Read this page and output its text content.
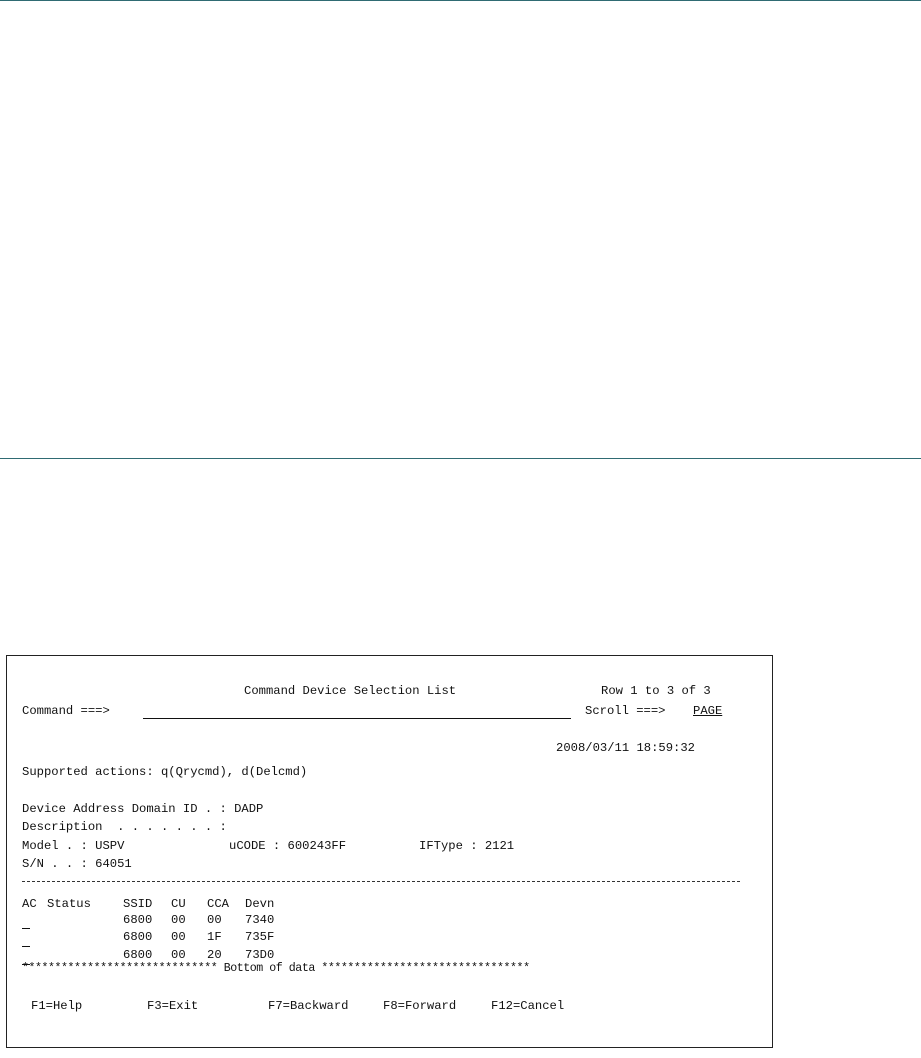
Command Device Selection List	Row 1 to 3 of 3
Command ===>	Scroll ===> PAGE
2008/03/11 18:59:32
Supported actions: q(Qrycmd), d(Delcmd)
Device Address Domain ID . : DADP
Description  . . . . . . . :
Model . : USPV	uCODE : 600243FF	IFType : 2121
S/N . . : 64051
AC Status	SSID CU CCA Devn
6800 00 00 7340
6800 00 1F 735F
6800 00 20 73D0
****************************** Bottom of data ********************************
F1=Help	F3=Exit	F7=Backward	F8=Forward	F12=Cancel
